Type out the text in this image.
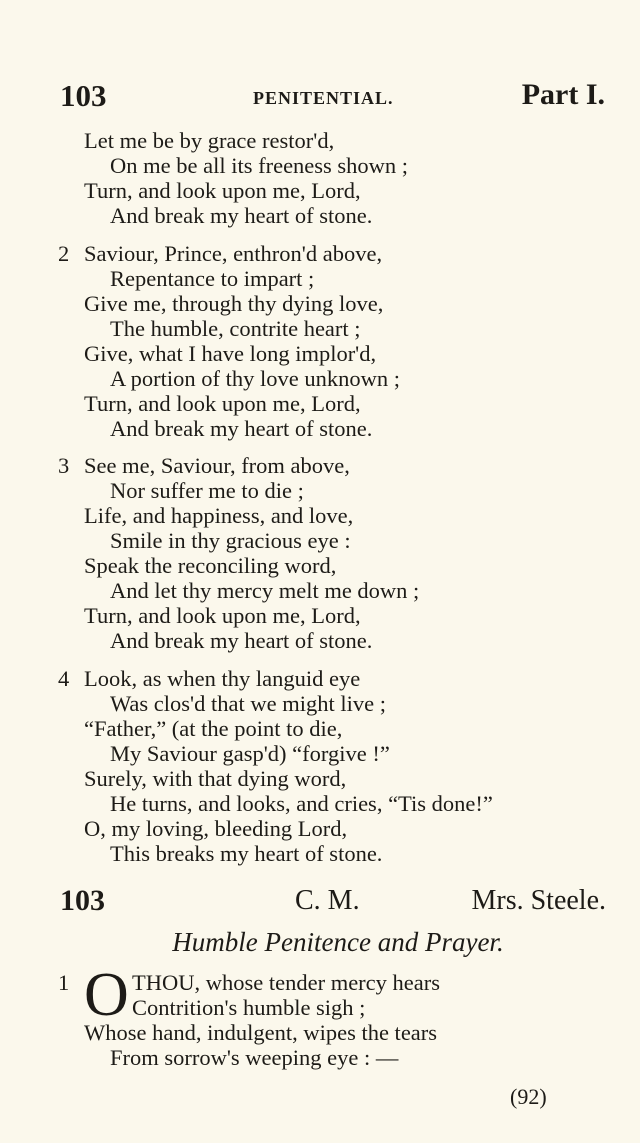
103	PENITENTIAL.	Part I.
Let me be by grace restor'd,
On me be all its freeness shown ;
Turn, and look upon me, Lord,
And break my heart of stone.
Saviour, Prince, enthron'd above,
2
Repentance to impart ;
Give me, through thy dying love,
The humble, contrite heart ;
Give, what I have long implor'd,
A portion of thy love unknown ;
Turn, and look upon me, Lord,
And break my heart of stone.
See me, Saviour, from above,
3
Nor suffer me to die ;
Life, and happiness, and love,
Smile in thy gracious eye :
Speak the reconciling word,
And let thy mercy melt me down ;
Turn, and look upon me, Lord,
And break my heart of stone.
Look, as when thy languid eye
4
Was clos'd that we might live ;
“Father,” (at the point to die,
My Saviour gasp'd) “forgive !”
Surely, with that dying word,
He turns, and looks, and cries, “Tis done!”
O, my loving, bleeding Lord,
This breaks my heart of stone.
103	C. M.	Mrs. Steele.
Humble Penitence and Prayer.
1 O THOU, whose tender mercy hears
Contrition's humble sigh ;
Whose hand, indulgent, wipes the tears
From sorrow's weeping eye : —
(92)
